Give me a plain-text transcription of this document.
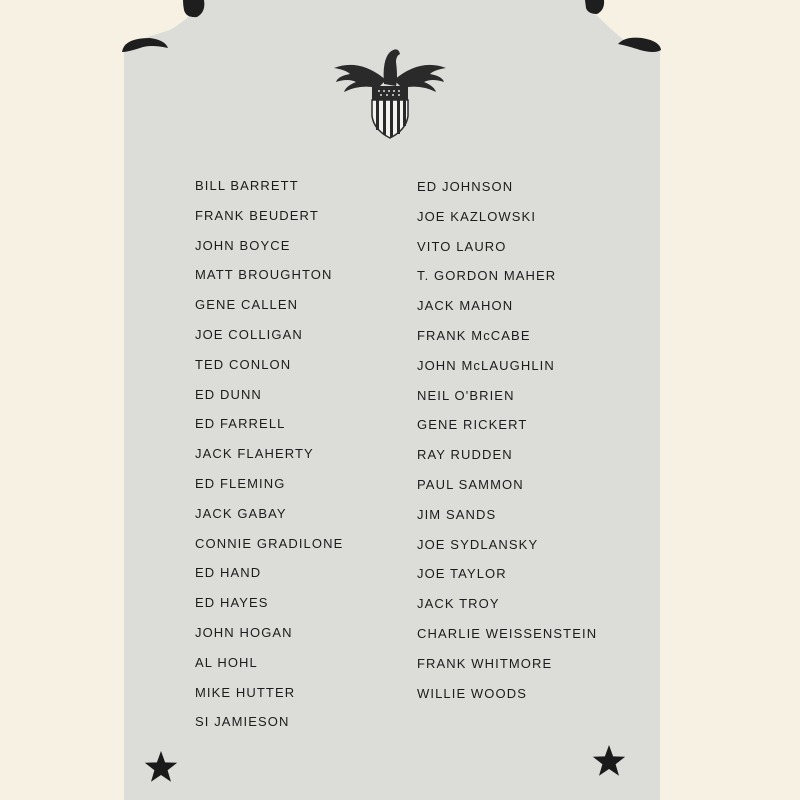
BILL BARRETT
FRANK BEUDERT
JOHN BOYCE
MATT BROUGHTON
GENE CALLEN
JOE COLLIGAN
TED CONLON
ED DUNN
ED FARRELL
JACK FLAHERTY
ED FLEMING
JACK GABAY
CONNIE GRADILONE
ED HAND
ED HAYES
JOHN HOGAN
AL HOHL
MIKE HUTTER
SI JAMIESON
ED JOHNSON
JOE KAZLOWSKI
VITO LAURO
T. GORDON MAHER
JACK MAHON
FRANK McCABE
JOHN McLAUGHLIN
NEIL O'BRIEN
GENE RICKERT
RAY RUDDEN
PAUL SAMMON
JIM SANDS
JOE SYDLANSKY
JOE TAYLOR
JACK TROY
CHARLIE WEISSENSTEIN
FRANK WHITMORE
WILLIE WOODS
